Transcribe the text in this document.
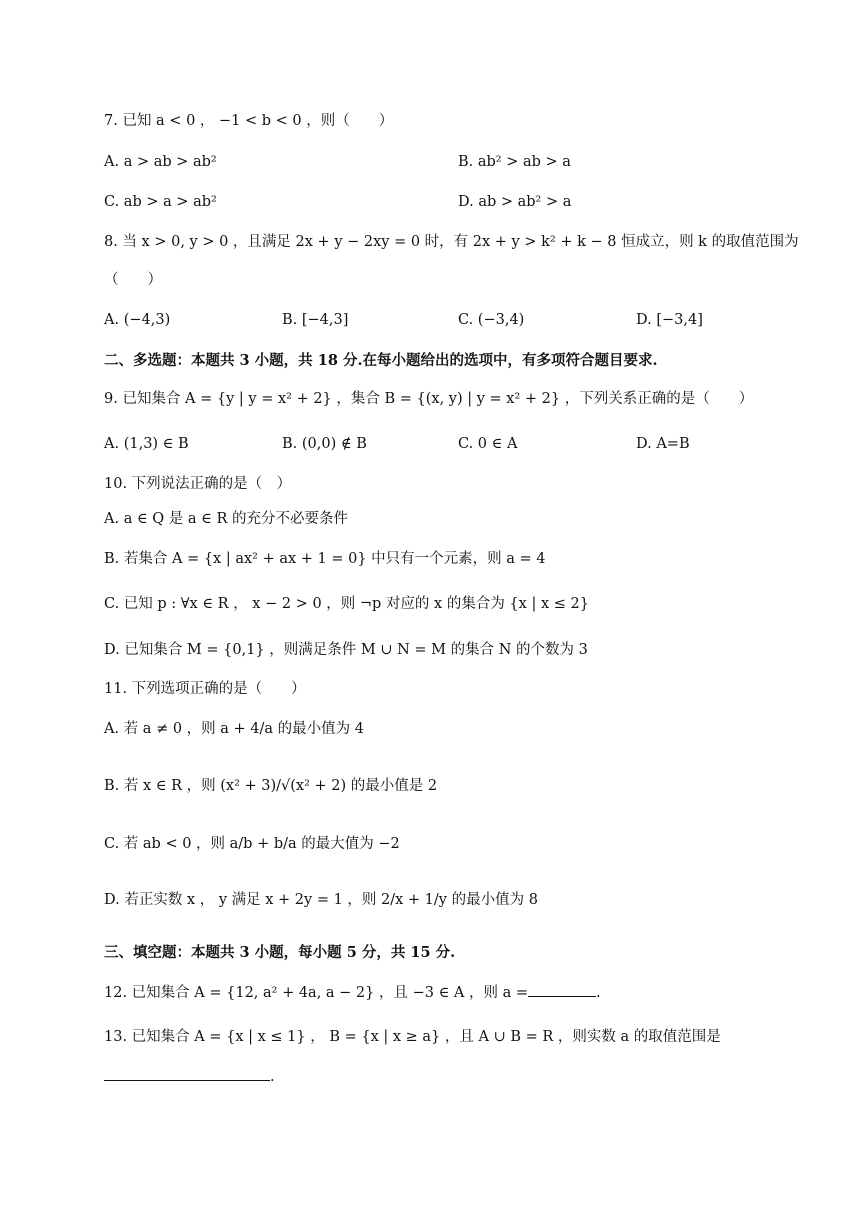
7. 已知 a < 0 ， −1 < b < 0 ，则（　　）
A. a > ab > ab²	B. ab² > ab > a
C. ab > a > ab²	D. ab > ab² > a
8. 当 x > 0, y > 0 ，且满足 2x + y − 2xy = 0 时，有 2x + y > k² + k − 8 恒成立，则 k 的取值范围为
（　　）
A. (−4,3)	B. [−4,3]	C. (−3,4)	D. [−3,4]
二、多选题：本题共 3 小题，共 18 分.在每小题给出的选项中，有多项符合题目要求.
9. 已知集合 A = {y | y = x² + 2} ，集合 B = {(x, y) | y = x² + 2} ，下列关系正确的是（　　）
A. (1,3) ∈ B	B. (0,0) ∉ B	C. 0 ∈ A	D. A=B
10. 下列说法正确的是（　）
A. a ∈ Q 是 a ∈ R 的充分不必要条件
B. 若集合 A = {x | ax² + ax + 1 = 0} 中只有一个元素，则 a = 4
C. 已知 p : ∀x ∈ R ， x − 2 > 0 ，则 ¬p 对应的 x 的集合为 {x | x ≤ 2}
D. 已知集合 M = {0,1} ，则满足条件 M ∪ N = M 的集合 N 的个数为 3
11. 下列选项正确的是（　　）
A. 若 a ≠ 0 ，则 a + 4/a 的最小值为 4
B. 若 x ∈ R ，则 (x² + 3)/√(x² + 2) 的最小值是 2
C. 若 ab < 0 ，则 a/b + b/a 的最大值为 −2
D. 若正实数 x ， y 满足 x + 2y = 1 ，则 2/x + 1/y 的最小值为 8
三、填空题：本题共 3 小题，每小题 5 分，共 15 分.
12. 已知集合 A = {12, a² + 4a, a − 2} ，且 −3 ∈ A ，则 a =	.
13. 已知集合 A = {x | x ≤ 1} ， B = {x | x ≥ a} ，且 A ∪ B = R ，则实数 a 的取值范围是
.
